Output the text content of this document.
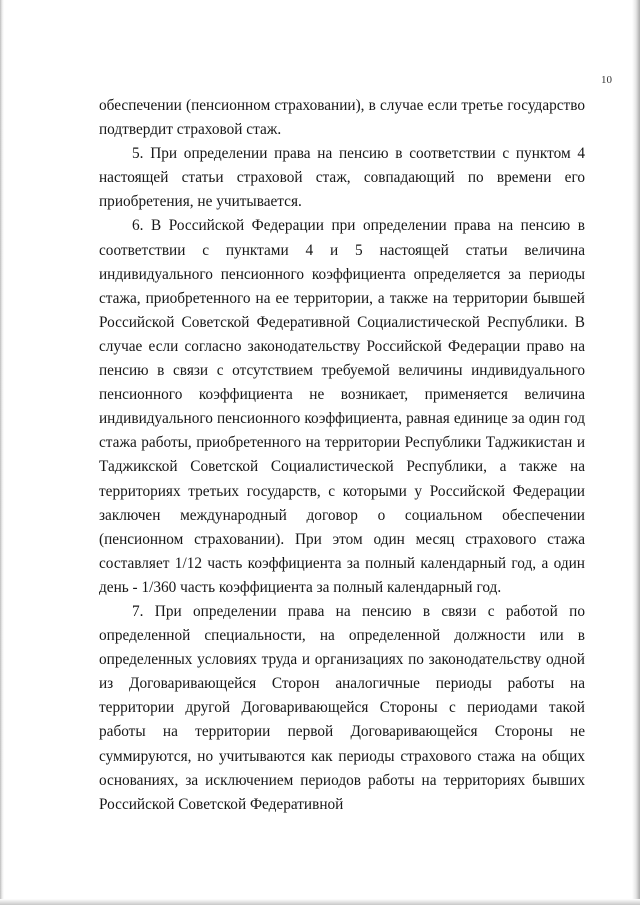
10

обеспечении (пенсионном страховании), в случае если третье государство подтвердит страховой стаж.

5. При определении права на пенсию в соответствии с пунктом 4 настоящей статьи страховой стаж, совпадающий по времени его приобретения, не учитывается.

6. В Российской Федерации при определении права на пенсию в соответствии с пунктами 4 и 5 настоящей статьи величина индивидуального пенсионного коэффициента определяется за периоды стажа, приобретенного на ее территории, а также на территории бывшей Российской Советской Федеративной Социалистической Республики. В случае если согласно законодательству Российской Федерации право на пенсию в связи с отсутствием требуемой величины индивидуального пенсионного коэффициента не возникает, применяется величина индивидуального пенсионного коэффициента, равная единице за один год стажа работы, приобретенного на территории Республики Таджикистан и Таджикской Советской Социалистической Республики, а также на территориях третьих государств, с которыми у Российской Федерации заключен международный договор о социальном обеспечении (пенсионном страховании). При этом один месяц страхового стажа составляет 1/12 часть коэффициента за полный календарный год, а один день - 1/360 часть коэффициента за полный календарный год.

7. При определении права на пенсию в связи с работой по определенной специальности, на определенной должности или в определенных условиях труда и организациях по законодательству одной из Договаривающейся Сторон аналогичные периоды работы на территории другой Договаривающейся Стороны с периодами такой работы на территории первой Договаривающейся Стороны не суммируются, но учитываются как периоды страхового стажа на общих основаниях, за исключением периодов работы на территориях бывших Российской Советской Федеративной
